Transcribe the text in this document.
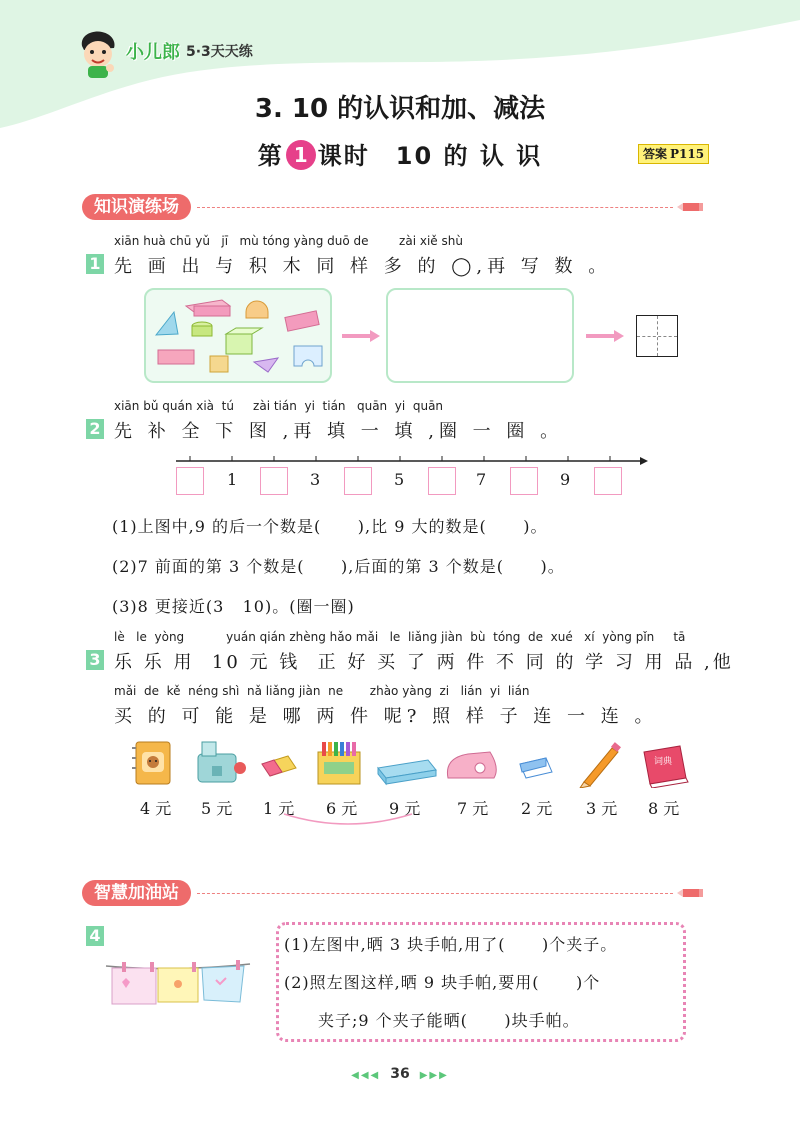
小儿郎 5·3天天练
3. 10 的认识和加、减法
第 1 课时　10 的 认 识	答案 P115
知识演练场
xiān huà chū yǔ   jī   mù tóng yàng duō de        zài xiě shù
1 先 画 出 与 积 木 同 样 多 的 ◯,再 写 数 。
xiān bǔ quán xià  tú     zài tián  yi  tián   quān  yi  quān
2 先 补 全 下 图 ,再 填 一 填 ,圈 一 圈 。
1	3	5	7	9
(1)上图中,9 的后一个数是(      ),比 9 大的数是(      )。
(2)7 前面的第 3 个数是(      ),后面的第 3 个数是(      )。
(3)8 更接近(3   10)。(圈一圈)
lè   le  yòng           yuán qián zhèng hǎo mǎi   le  liǎng jiàn  bù  tóng  de  xué   xí  yòng pǐn     tā
3 乐 乐 用  10 元 钱  正 好 买 了 两 件 不 同 的 学 习 用 品 ,他
mǎi  de  kě  néng shì  nǎ liǎng jiàn  ne       zhào yàng  zi   lián  yi  lián
买 的 可 能 是 哪 两 件 呢? 照 样 子 连 一 连 。
词典
4 元 5 元 1 元 6 元 9 元 7 元 2 元 3 元 8 元
智慧加油站
4	(1)左图中,晒 3 块手帕,用了(      )个夹子。
(2)照左图这样,晒 9 块手帕,要用(      )个
夹子;9 个夹子能晒(      )块手帕。
◀◀◀ 36 ▶▶▶
